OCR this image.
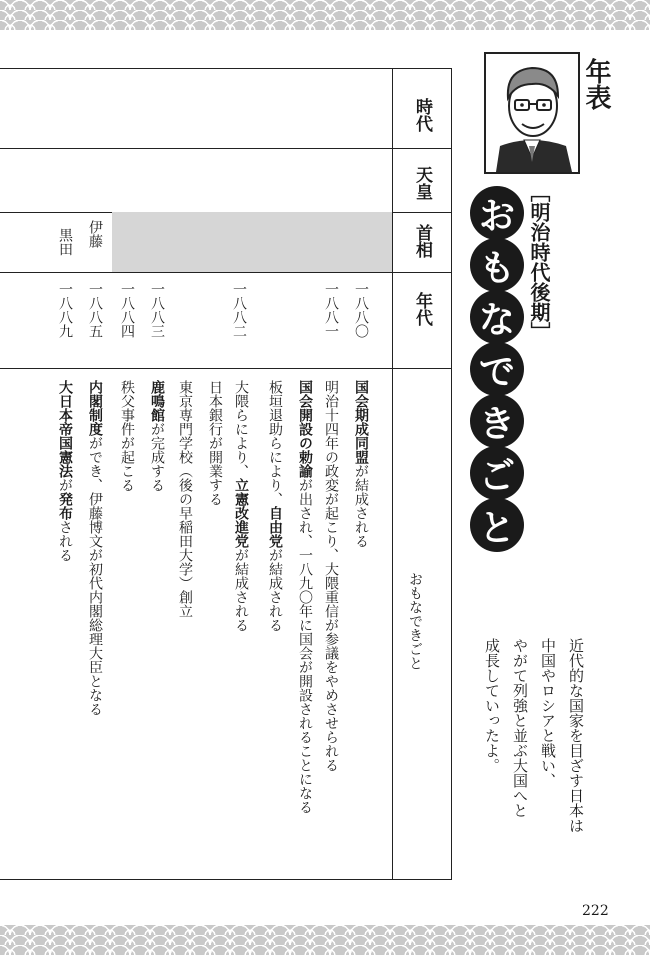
時代
天皇
首相
年代
伊藤
黒田
一八八〇
一八八一
一八八二
一八八三
一八八四
一八八五
一八八九
国会期成同盟が結成される
明治十四年の政変が起こり、大隈重信が参議をやめさせられる
国会開設の勅諭が出され、一八九〇年に国会が開設されることになる
板垣退助らにより、自由党が結成される
大隈らにより、立憲改進党が結成される
日本銀行が開業する
東京専門学校（後の早稲田大学）創立
鹿鳴館が完成する
秩父事件が起こる
内閣制度ができ、伊藤博文が初代内閣総理大臣となる
大日本帝国憲法が発布される
おもなできごと
年表
［明治時代後期］
お
も
な
で
き
ご
と
近代的な国家を目ざす日本は
中国やロシアと戦い、
やがて列強と並ぶ大国へと
成長していったよ。
222
